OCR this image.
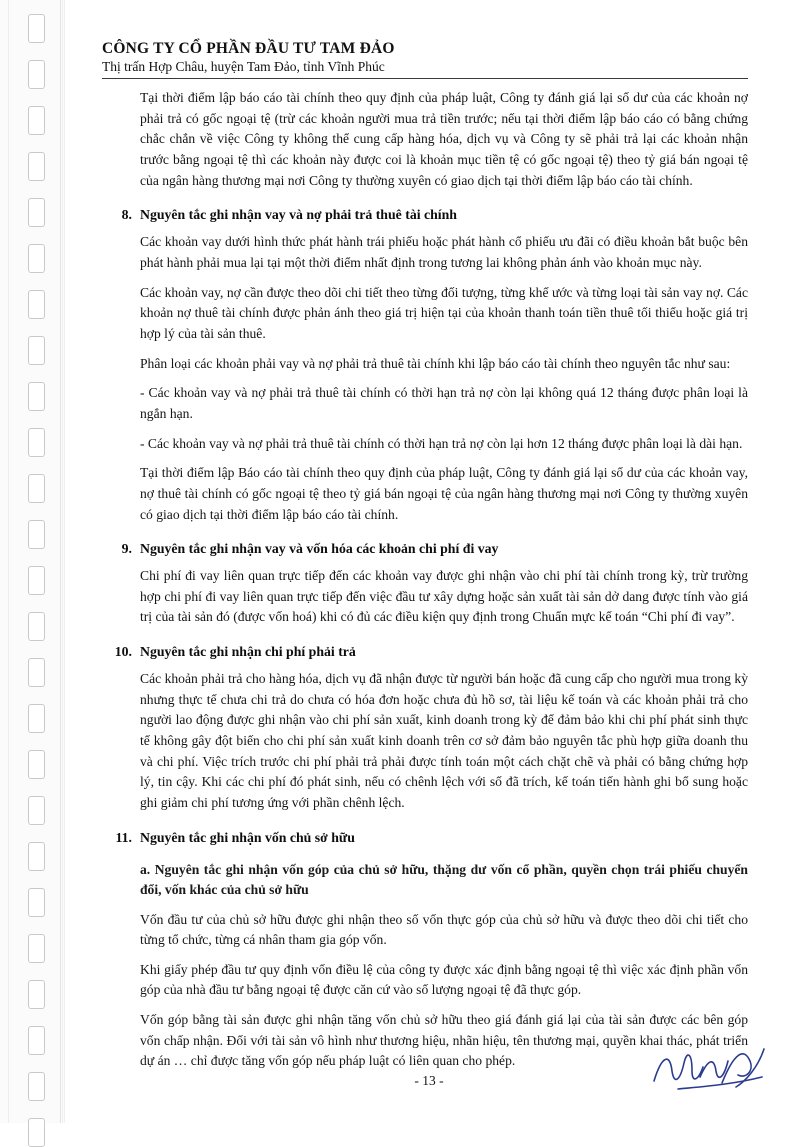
CÔNG TY CỔ PHẦN ĐẦU TƯ TAM ĐẢO
Thị trấn Hợp Châu, huyện Tam Đảo, tỉnh Vĩnh Phúc

Tại thời điểm lập báo cáo tài chính theo quy định của pháp luật, Công ty đánh giá lại số dư của các khoản nợ phải trả có gốc ngoại tệ (trừ các khoản người mua trả tiền trước; nếu tại thời điểm lập báo cáo có bằng chứng chắc chắn về việc Công ty không thể cung cấp hàng hóa, dịch vụ và Công ty sẽ phải trả lại các khoản nhận trước bằng ngoại tệ thì các khoản này được coi là khoản mục tiền tệ có gốc ngoại tệ) theo tỷ giá bán ngoại tệ của ngân hàng thương mại nơi Công ty thường xuyên có giao dịch tại thời điểm lập báo cáo tài chính.

8. Nguyên tắc ghi nhận vay và nợ phải trả thuê tài chính

Các khoản vay dưới hình thức phát hành trái phiếu hoặc phát hành cổ phiếu ưu đãi có điều khoản bắt buộc bên phát hành phải mua lại tại một thời điểm nhất định trong tương lai không phản ánh vào khoản mục này.

Các khoản vay, nợ cần được theo dõi chi tiết theo từng đối tượng, từng khế ước và từng loại tài sản vay nợ. Các khoản nợ thuê tài chính được phản ánh theo giá trị hiện tại của khoản thanh toán tiền thuê tối thiểu hoặc giá trị hợp lý của tài sản thuê.

Phân loại các khoản phải vay và nợ phải trả thuê tài chính khi lập báo cáo tài chính theo nguyên tắc như sau:

- Các khoản vay và nợ phải trả thuê tài chính có thời hạn trả nợ còn lại không quá 12 tháng được phân loại là ngắn hạn.

- Các khoản vay và nợ phải trả thuê tài chính có thời hạn trả nợ còn lại hơn 12 tháng được phân loại là dài hạn.

Tại thời điểm lập Báo cáo tài chính theo quy định của pháp luật, Công ty đánh giá lại số dư của các khoản vay, nợ thuê tài chính có gốc ngoại tệ theo tỷ giá bán ngoại tệ của ngân hàng thương mại nơi Công ty thường xuyên có giao dịch tại thời điểm lập báo cáo tài chính.

9. Nguyên tắc ghi nhận vay và vốn hóa các khoản chi phí đi vay

Chi phí đi vay liên quan trực tiếp đến các khoản vay được ghi nhận vào chi phí tài chính trong kỳ, trừ trường hợp chi phí đi vay liên quan trực tiếp đến việc đầu tư xây dựng hoặc sản xuất tài sản dở dang được tính vào giá trị của tài sản đó (được vốn hoá) khi có đủ các điều kiện quy định trong Chuẩn mực kế toán “Chi phí đi vay”.

10. Nguyên tắc ghi nhận chi phí phải trả

Các khoản phải trả cho hàng hóa, dịch vụ đã nhận được từ người bán hoặc đã cung cấp cho người mua trong kỳ nhưng thực tế chưa chi trả do chưa có hóa đơn hoặc chưa đủ hồ sơ, tài liệu kế toán và các khoản phải trả cho người lao động được ghi nhận vào chi phí sản xuất, kinh doanh trong kỳ để đảm bảo khi chi phí phát sinh thực tế không gây đột biến cho chi phí sản xuất kinh doanh trên cơ sở đảm bảo nguyên tắc phù hợp giữa doanh thu và chi phí. Việc trích trước chi phí phải trả phải được tính toán một cách chặt chẽ và phải có bằng chứng hợp lý, tin cậy. Khi các chi phí đó phát sinh, nếu có chênh lệch với số đã trích, kế toán tiến hành ghi bổ sung hoặc ghi giảm chi phí tương ứng với phần chênh lệch.

11. Nguyên tắc ghi nhận vốn chủ sở hữu
a. Nguyên tắc ghi nhận vốn góp của chủ sở hữu, thặng dư vốn cổ phần, quyền chọn trái phiếu chuyển đổi, vốn khác của chủ sở hữu

Vốn đầu tư của chủ sở hữu được ghi nhận theo số vốn thực góp của chủ sở hữu và được theo dõi chi tiết cho từng tổ chức, từng cá nhân tham gia góp vốn.

Khi giấy phép đầu tư quy định vốn điều lệ của công ty được xác định bằng ngoại tệ thì việc xác định phần vốn góp của nhà đầu tư bằng ngoại tệ được căn cứ vào số lượng ngoại tệ đã thực góp.

Vốn góp bằng tài sản được ghi nhận tăng vốn chủ sở hữu theo giá đánh giá lại của tài sản được các bên góp vốn chấp nhận. Đối với tài sản vô hình như thương hiệu, nhãn hiệu, tên thương mại, quyền khai thác, phát triển dự án … chỉ được tăng vốn góp nếu pháp luật có liên quan cho phép.

- 13 -
